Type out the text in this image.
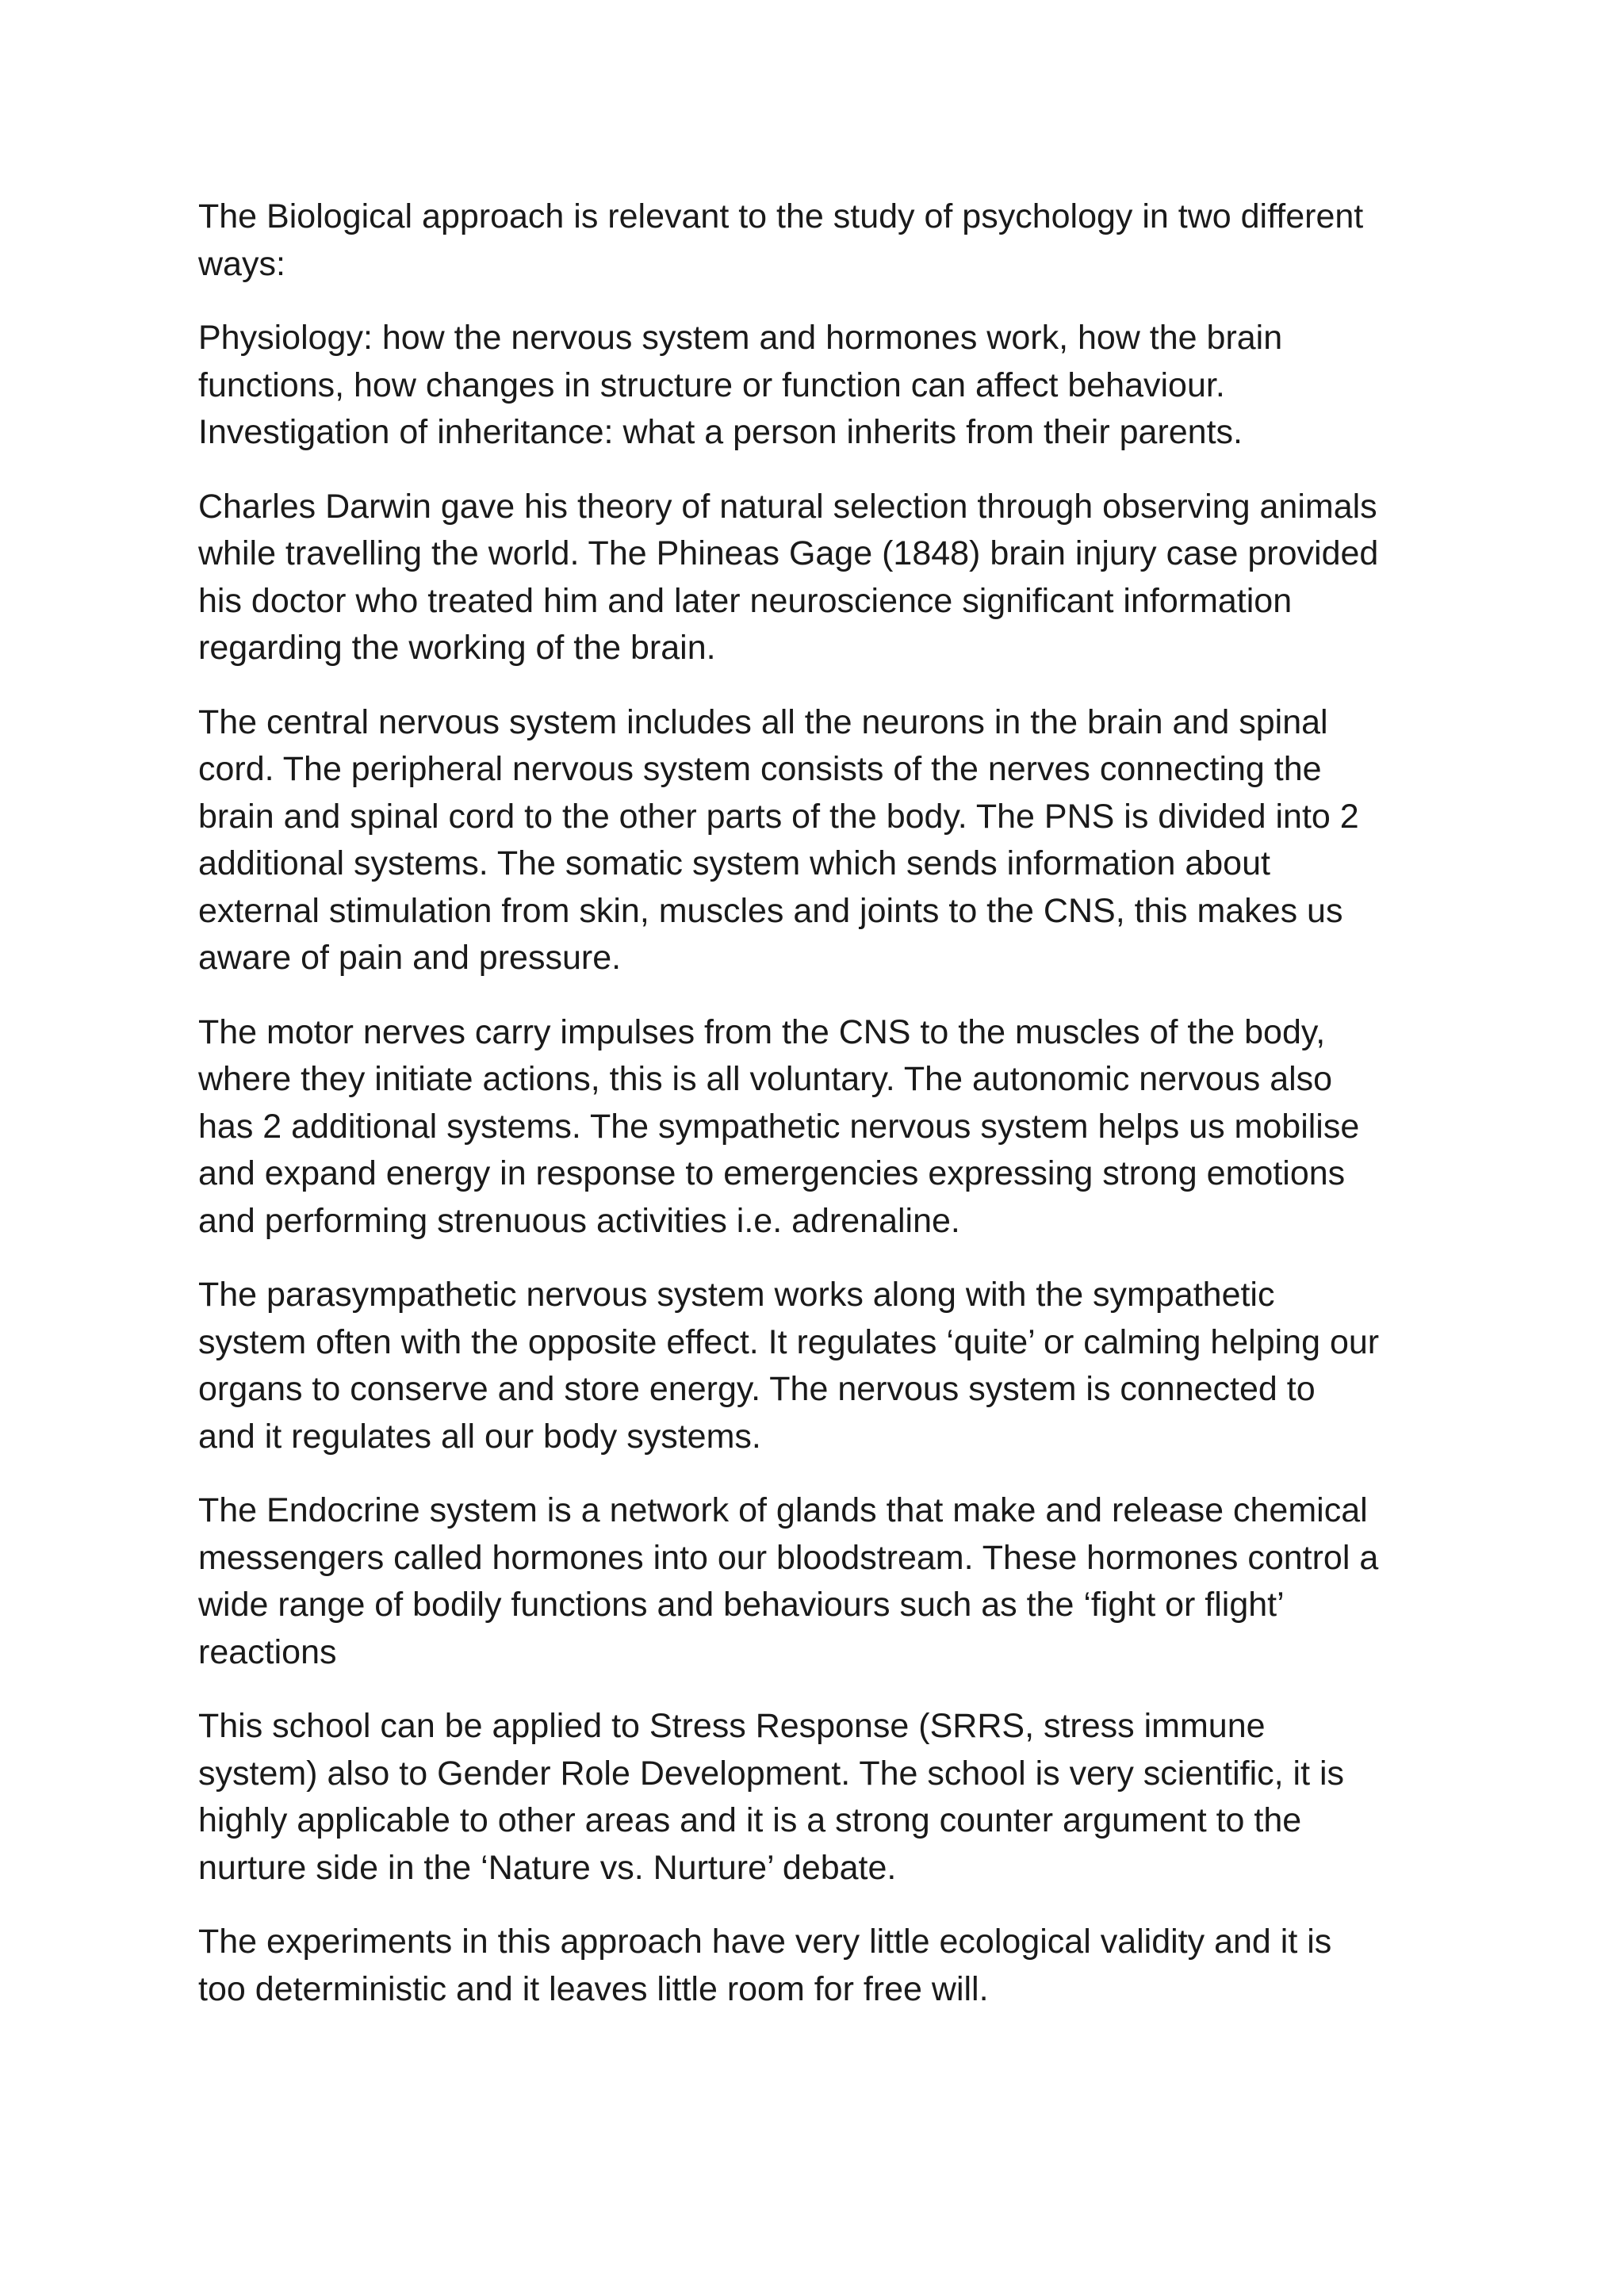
The Biological approach is relevant to the study of psychology in two different
ways:

Physiology: how the nervous system and hormones work, how the brain
functions, how changes in structure or function can affect behaviour.
Investigation of inheritance: what a person inherits from their parents.

Charles Darwin gave his theory of natural selection through observing animals
while travelling the world. The Phineas Gage (1848) brain injury case provided
his doctor who treated him and later neuroscience significant information
regarding the working of the brain.

The central nervous system includes all the neurons in the brain and spinal
cord. The peripheral nervous system consists of the nerves connecting the
brain and spinal cord to the other parts of the body. The PNS is divided into 2
additional systems. The somatic system which sends information about
external stimulation from skin, muscles and joints to the CNS, this makes us
aware of pain and pressure.

The motor nerves carry impulses from the CNS to the muscles of the body,
where they initiate actions, this is all voluntary. The autonomic nervous also
has 2 additional systems. The sympathetic nervous system helps us mobilise
and expand energy in response to emergencies expressing strong emotions
and performing strenuous activities i.e. adrenaline.

The parasympathetic nervous system works along with the sympathetic
system often with the opposite effect. It regulates ‘quite’ or calming helping our
organs to conserve and store energy. The nervous system is connected to
and it regulates all our body systems.

The Endocrine system is a network of glands that make and release chemical
messengers called hormones into our bloodstream. These hormones control a
wide range of bodily functions and behaviours such as the ‘fight or flight’
reactions

This school can be applied to Stress Response (SRRS, stress immune
system) also to Gender Role Development. The school is very scientific, it is
highly applicable to other areas and it is a strong counter argument to the
nurture side in the ‘Nature vs. Nurture’ debate.

The experiments in this approach have very little ecological validity and it is
too deterministic and it leaves little room for free will.
